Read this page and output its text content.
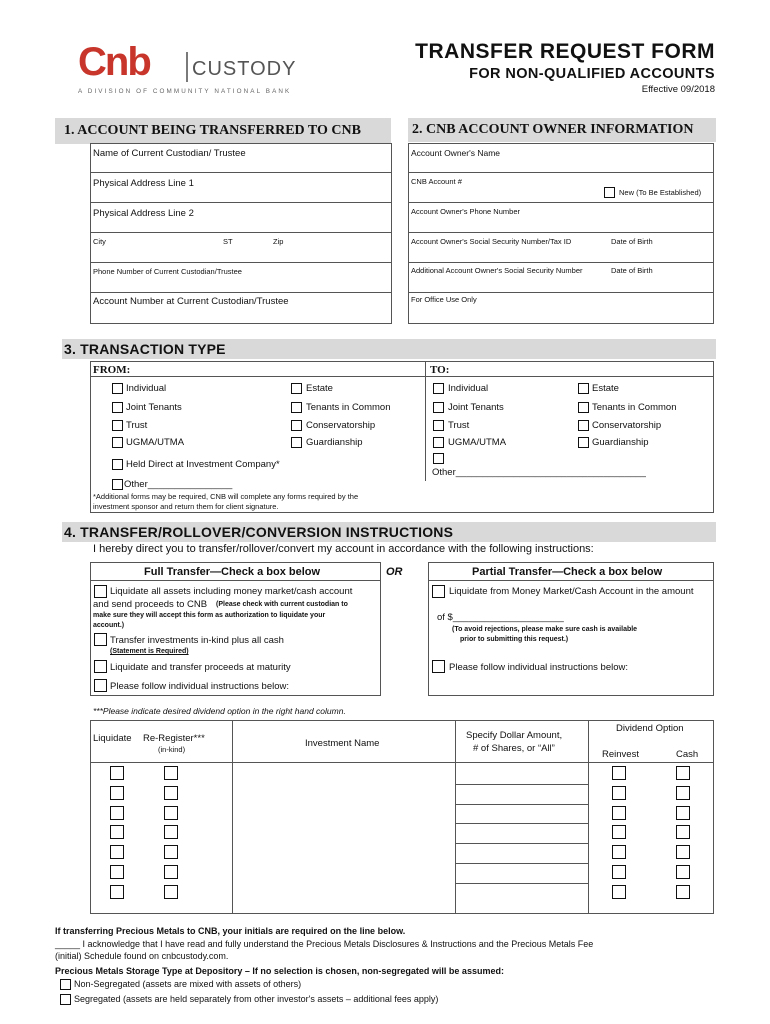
Cnb CUSTODY
A DIVISION OF COMMUNITY NATIONAL BANK
TRANSFER REQUEST FORM
FOR NON-QUALIFIED ACCOUNTS
Effective 09/2018
1. ACCOUNT BEING TRANSFERRED TO CNB
Name of Current Custodian/ Trustee
Physical Address Line 1
Physical Address Line 2
City	ST	Zip
Phone Number of Current Custodian/Trustee
Account Number at Current Custodian/Trustee
2. CNB ACCOUNT OWNER INFORMATION
Account Owner's Name
CNB Account #
New (To Be Established)
Account Owner's Phone Number
Account Owner's Social Security Number/Tax ID	Date of Birth
Additional Account Owner's Social Security Number	Date of Birth
For Office Use Only
3. TRANSACTION TYPE
FROM:	TO:
Individual	Estate
Joint Tenants	Tenants in Common
Trust	Conservatorship
UGMA/UTMA	Guardianship
Held Direct at Investment Company*
Other________________
*Additional forms may be required, CNB will complete any forms required by the
investment sponsor and return them for client signature.
Individual	Estate
Joint Tenants	Tenants in Common
Trust	Conservatorship
UGMA/UTMA	Guardianship
Other____________________________________
4. TRANSFER/ROLLOVER/CONVERSION INSTRUCTIONS
I hereby direct you to transfer/rollover/convert my account in accordance with the following instructions:
Full Transfer—Check a box below
Liquidate all assets including money market/cash account
and send proceeds to CNB (Please check with current custodian to
make sure they will accept this form as authorization to liquidate your
account.)
Transfer investments in-kind plus all cash
(Statement is Required)
Liquidate and transfer proceeds at maturity
Please follow individual instructions below:
OR	Partial Transfer—Check a box below
Liquidate from Money Market/Cash Account in the amount
of $_____________________
(To avoid rejections, please make sure cash is available
prior to submitting this request.)
Please follow individual instructions below:
***Please indicate desired dividend option in the right hand column.
Liquidate Re-Register***
(in-kind)
Investment Name
Specify Dollar Amount,
# of Shares, or “All”
Dividend Option
Reinvest	Cash
If transferring Precious Metals to CNB, your initials are required on the line below.
_____ I acknowledge that I have read and fully understand the Precious Metals Disclosures & Instructions and the Precious Metals Fee
(initial) Schedule found on cnbcustody.com.
Precious Metals Storage Type at Depository – If no selection is chosen, non-segregated will be assumed:
Non-Segregated (assets are mixed with assets of others)
Segregated (assets are held separately from other investor's assets – additional fees apply)
